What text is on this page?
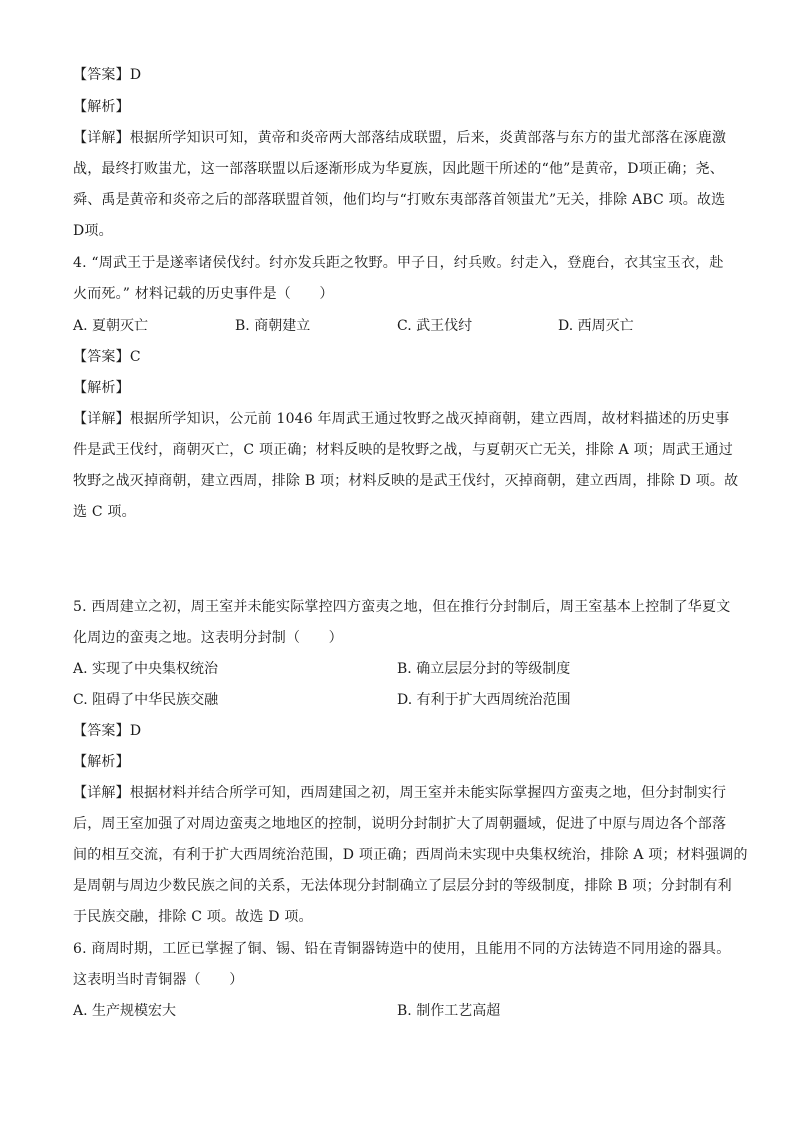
【答案】D
【解析】
【详解】根据所学知识可知，黄帝和炎帝两大部落结成联盟，后来，炎黄部落与东方的蚩尤部落在涿鹿激
战，最终打败蚩尤，这一部落联盟以后逐渐形成为华夏族，因此题干所述的“他”是黄帝，D项正确；尧、
舜、禹是黄帝和炎帝之后的部落联盟首领，他们均与“打败东夷部落首领蚩尤”无关，排除 ABC 项。故选
D项。
4. “周武王于是遂率诸侯伐纣。纣亦发兵距之牧野。甲子日，纣兵败。纣走入，登鹿台，衣其宝玉衣，赴
火而死。” 材料记载的历史事件是（　　）
A. 夏朝灭亡	B. 商朝建立	C. 武王伐纣	D. 西周灭亡
【答案】C
【解析】
【详解】根据所学知识，公元前 1046 年周武王通过牧野之战灭掉商朝，建立西周，故材料描述的历史事
件是武王伐纣，商朝灭亡，C 项正确；材料反映的是牧野之战，与夏朝灭亡无关，排除 A 项；周武王通过
牧野之战灭掉商朝，建立西周，排除 B 项；材料反映的是武王伐纣，灭掉商朝，建立西周，排除 D 项。故
选 C 项。
5. 西周建立之初，周王室并未能实际掌控四方蛮夷之地，但在推行分封制后，周王室基本上控制了华夏文
化周边的蛮夷之地。这表明分封制（　　）
A. 实现了中央集权统治	B. 确立层层分封的等级制度
C. 阻碍了中华民族交融	D. 有利于扩大西周统治范围
【答案】D
【解析】
【详解】根据材料并结合所学可知，西周建国之初，周王室并未能实际掌握四方蛮夷之地，但分封制实行
后，周王室加强了对周边蛮夷之地地区的控制，说明分封制扩大了周朝疆域，促进了中原与周边各个部落
间的相互交流，有利于扩大西周统治范围，D 项正确；西周尚未实现中央集权统治，排除 A 项；材料强调的
是周朝与周边少数民族之间的关系，无法体现分封制确立了层层分封的等级制度，排除 B 项；分封制有利
于民族交融，排除 C 项。故选 D 项。
6. 商周时期，工匠已掌握了铜、锡、铅在青铜器铸造中的使用，且能用不同的方法铸造不同用途的器具。
这表明当时青铜器（　　）
A. 生产规模宏大	B. 制作工艺高超
